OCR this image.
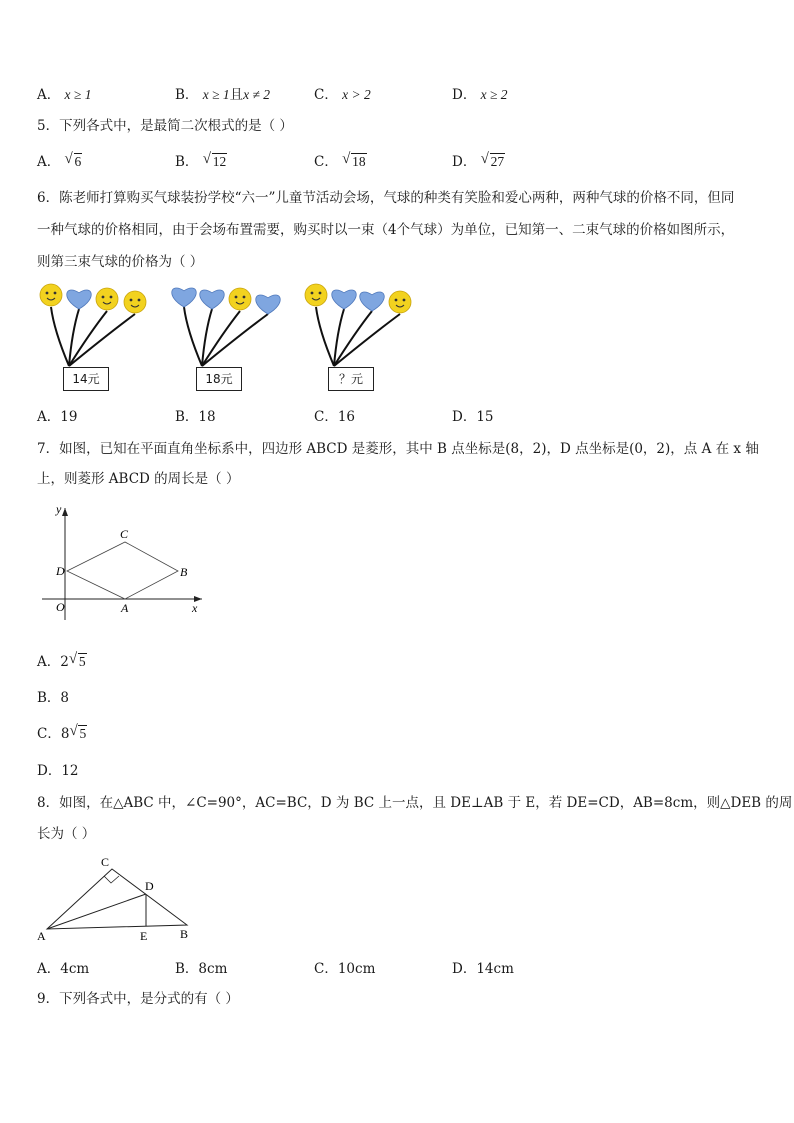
A． x ≥ 1	B． x ≥ 1且x ≠ 2	C． x > 2	D． x ≥ 2
5．下列各式中，是最简二次根式的是（ ）
A． √ 6	B． √ 12	C． √ 18	D． √ 27
6．陈老师打算购买气球装扮学校“六一”儿童节活动会场，气球的种类有笑脸和爱心两种，两种气球的价格不同，但同
一种气球的价格相同，由于会场布置需要，购买时以一束（4个气球）为单位，已知第一、二束气球的价格如图所示，
则第三束气球的价格为（ ）
14元	18元	？元
A．19	B．18	C．16	D．15
7．如图，已知在平面直角坐标系中，四边形 ABCD 是菱形，其中 B 点坐标是(8，2)，D 点坐标是(0，2)，点 A 在 x 轴
上，则菱形 ABCD 的周长是（ ）
y
x
O	A
B
C
D
A．2 √ 5
B．8
C．8 √ 5
D．12
8．如图，在△ABC 中，∠C=90°，AC=BC，D 为 BC 上一点，且 DE⊥AB 于 E，若 DE=CD，AB=8cm，则△DEB 的周
长为（ ）
C
D
A	E	B
A．4cm	B．8cm	C．10cm	D．14cm
9．下列各式中，是分式的有（ ）
